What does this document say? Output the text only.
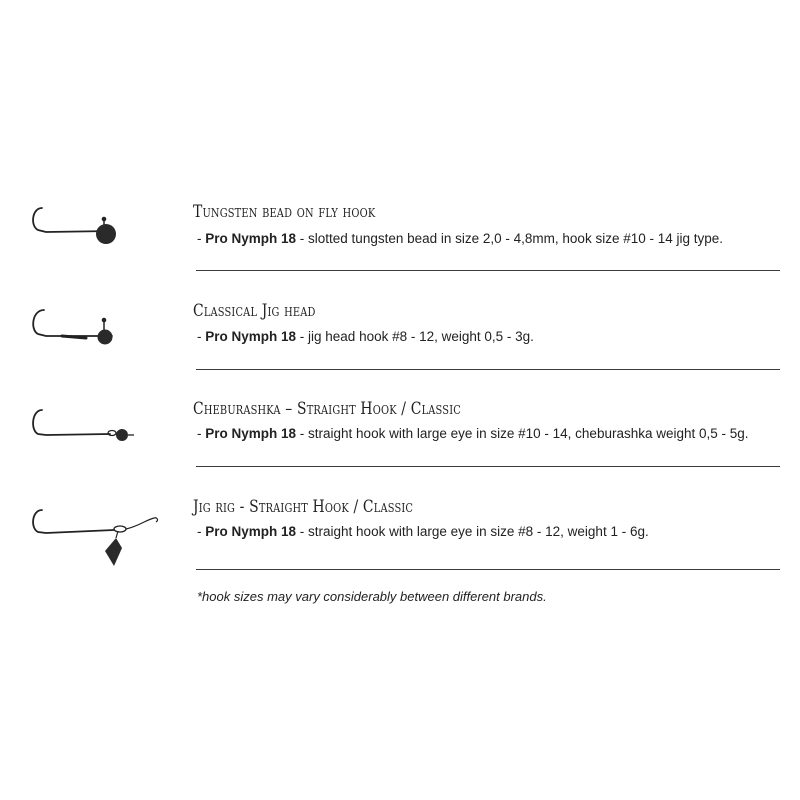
Tungsten bead on fly hook

- Pro Nymph 18 - slotted tungsten bead in size 2,0 - 4,8mm, hook size #10 - 14 jig type.

Classical Jig head

- Pro Nymph 18 - jig head hook #8 - 12, weight 0,5 - 3g.

Cheburashka – Straight Hook / Classic

- Pro Nymph 18 - straight hook with large eye in size #10 - 14, cheburashka weight 0,5 - 5g.

Jig rig - Straight Hook / Classic

- Pro Nymph 18 - straight hook with large eye in size #8 - 12, weight 1 - 6g.

*hook sizes may vary considerably between different brands.
